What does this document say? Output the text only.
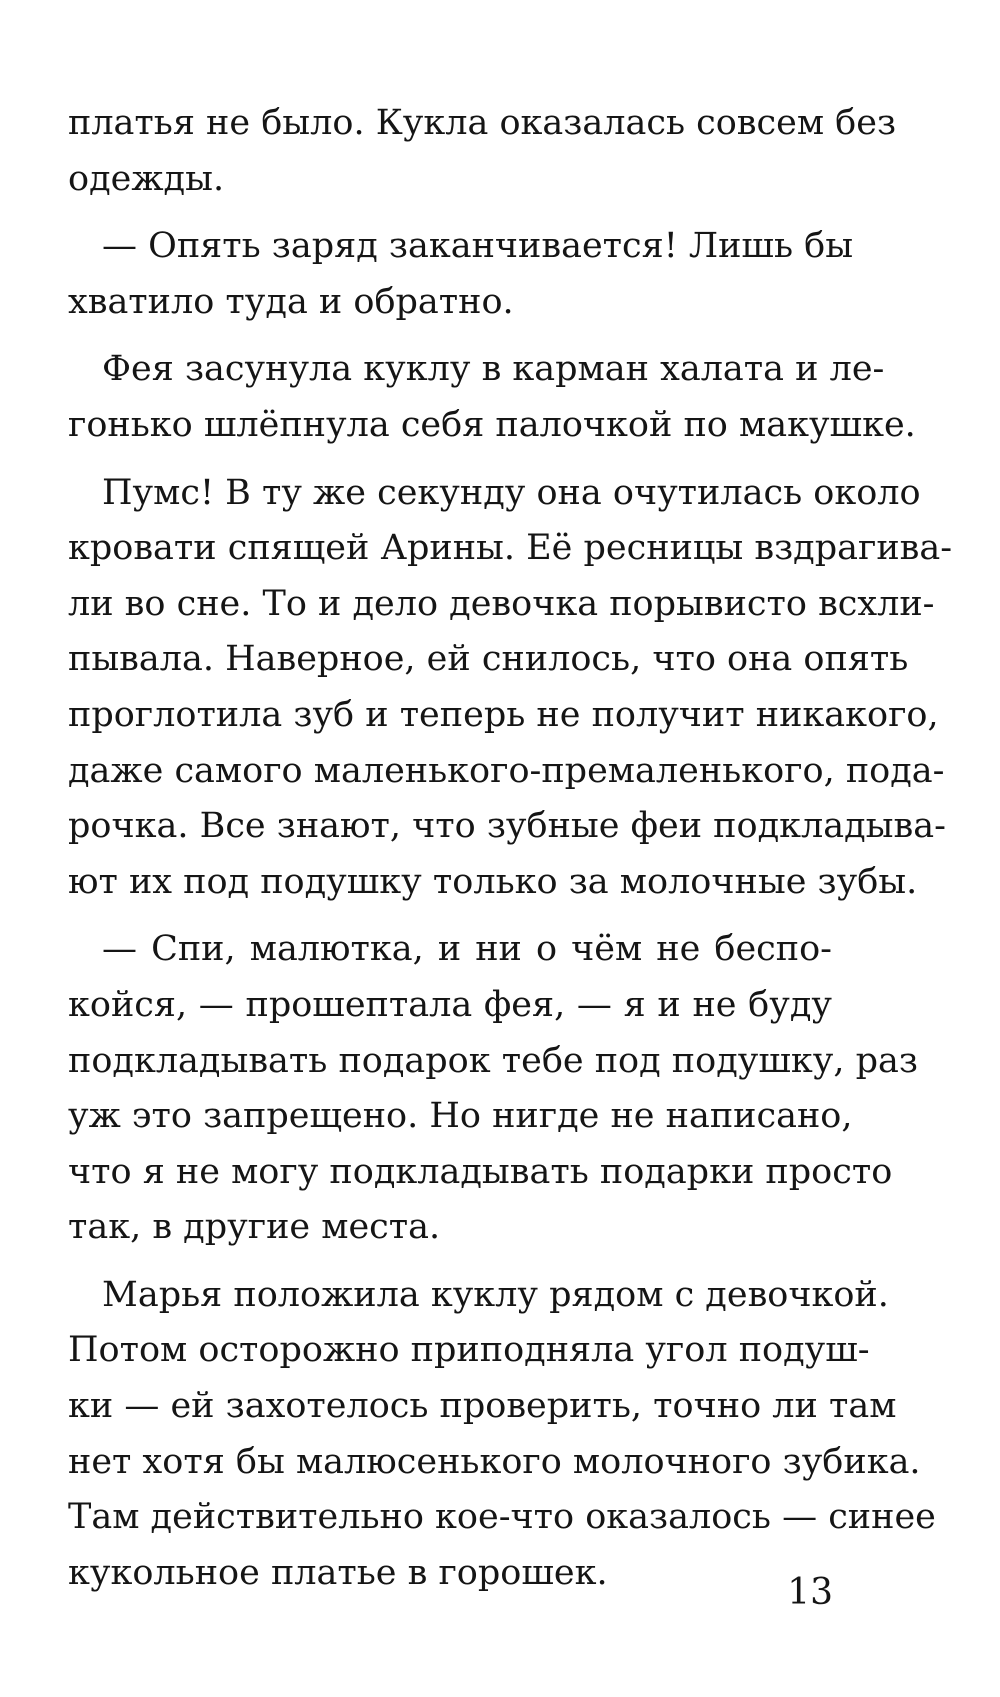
платья не было. Кукла оказалась совсем без
одежды.
— Опять заряд заканчивается! Лишь бы
хватило туда и обратно.
Фея засунула куклу в карман халата и ле-
гонько шлёпнула себя палочкой по макушке.
Пумс! В ту же секунду она очутилась около
кровати спящей Арины. Её ресницы вздрагива-
ли во сне. То и дело девочка порывисто всхли-
пывала. Наверное, ей снилось, что она опять
проглотила зуб и теперь не получит никакого,
даже самого маленького-премаленького, пода-
рочка. Все знают, что зубные феи подкладыва-
ют их под подушку только за молочные зубы.
— Спи, малютка, и ни о чём не беспо-
койся, — прошептала фея, — я и не буду
подкладывать подарок тебе под подушку, раз
уж это запрещено. Но нигде не написано,
что я не могу подкладывать подарки просто
так, в другие места.
Марья положила куклу рядом с девочкой.
Потом осторожно приподняла угол подуш-
ки — ей захотелось проверить, точно ли там
нет хотя бы малюсенького молочного зубика.
Там действительно кое-что оказалось — синее
кукольное платье в горошек.	13
